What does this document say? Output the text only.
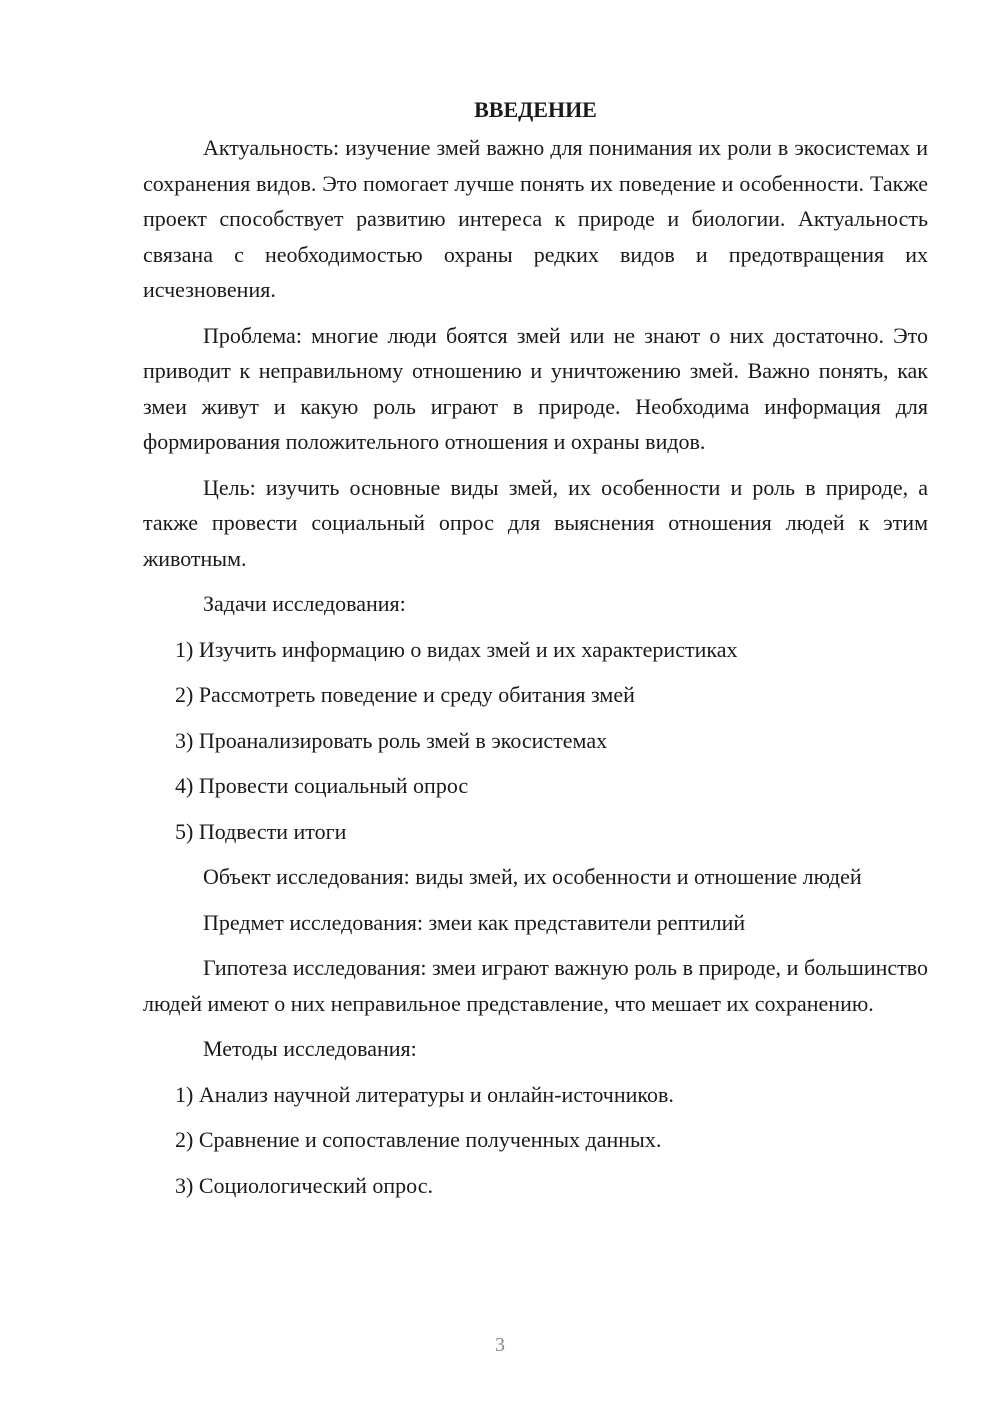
ВВЕДЕНИЕ

Актуальность: изучение змей важно для понимания их роли в экосистемах и сохранения видов. Это помогает лучше понять их поведение и особенности. Также проект способствует развитию интереса к природе и биологии. Актуальность связана с необходимостью охраны редких видов и предотвращения их исчезновения.

Проблема: многие люди боятся змей или не знают о них достаточно. Это приводит к неправильному отношению и уничтожению змей. Важно понять, как змеи живут и какую роль играют в природе. Необходима информация для формирования положительного отношения и охраны видов.

Цель: изучить основные виды змей, их особенности и роль в природе, а также провести социальный опрос для выяснения отношения людей к этим животным.

Задачи исследования:

1) Изучить информацию о видах змей и их характеристиках
2) Рассмотреть поведение и среду обитания змей
3) Проанализировать роль змей в экосистемах
4) Провести социальный опрос
5) Подвести итоги

Объект исследования: виды змей, их особенности и отношение людей

Предмет исследования: змеи как представители рептилий

Гипотеза исследования: змеи играют важную роль в природе, и большинство людей имеют о них неправильное представление, что мешает их сохранению.

Методы исследования:

1) Анализ научной литературы и онлайн-источников.
2) Сравнение и сопоставление полученных данных.
3) Социологический опрос.
3
